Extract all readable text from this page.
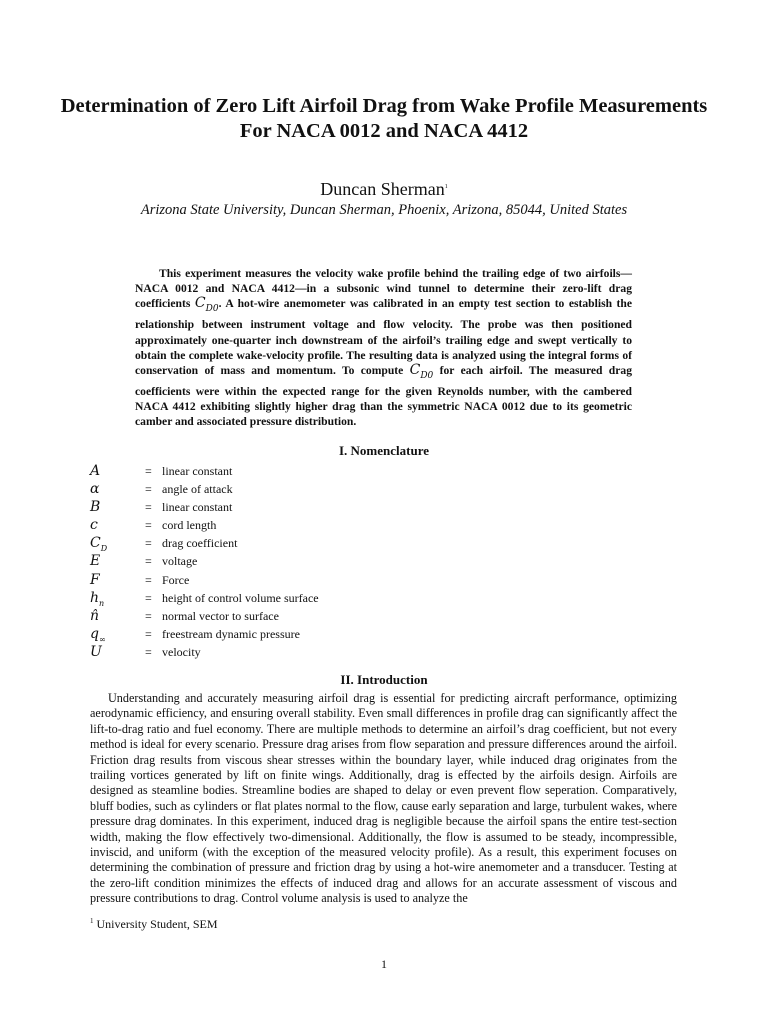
Determination of Zero Lift Airfoil Drag from Wake Profile Measurements For NACA 0012 and NACA 4412
Duncan Sherman$^1$
Arizona State University, Duncan Sherman, Phoenix, Arizona, 85044, United States

This experiment measures the velocity wake profile behind the trailing edge of two airfoils—NACA 0012 and NACA 4412—in a subsonic wind tunnel to determine their zero-lift drag coefficients $C_{D0}$. A hot-wire anemometer was calibrated in an empty test section to establish the relationship between instrument voltage and flow velocity. The probe was then positioned approximately one-quarter inch downstream of the airfoil’s trailing edge and swept vertically to obtain the complete wake-velocity profile. The resulting data is analyzed using the integral forms of conservation of mass and momentum. To compute $C_{D0}$ for each airfoil. The measured drag coefficients were within the expected range for the given Reynolds number, with the cambered NACA 4412 exhibiting slightly higher drag than the symmetric NACA 0012 due to its geometric camber and associated pressure distribution.

I. Nomenclature
A	= linear constant
α	= angle of attack
B	= linear constant
c	= cord length
$C_D$	= drag coefficient
E	= voltage
F	= Force
$h_n$	= height of control volume surface
n̂	= normal vector to surface
$q_\infty$	= freestream dynamic pressure
U	= velocity
II. Introduction

Understanding and accurately measuring airfoil drag is essential for predicting aircraft performance, optimizing aerodynamic efficiency, and ensuring overall stability. Even small differences in profile drag can significantly affect the lift-to-drag ratio and fuel economy. There are multiple methods to determine an airfoil’s drag coefficient, but not every method is ideal for every scenario. Pressure drag arises from flow separation and pressure differences around the airfoil. Friction drag results from viscous shear stresses within the boundary layer, while induced drag originates from the trailing vortices generated by lift on finite wings. Additionally, drag is effected by the airfoils design. Airfoils are designed as steamline bodies. Streamline bodies are shaped to delay or even prevent flow seperation. Comparatively, bluff bodies, such as cylinders or flat plates normal to the flow, cause early separation and large, turbulent wakes, where pressure drag dominates. In this experiment, induced drag is negligible because the airfoil spans the entire test-section width, making the flow effectively two-dimensional. Additionally, the flow is assumed to be steady, incompressible, inviscid, and uniform (with the exception of the measured velocity profile). As a result, this experiment focuses on determining the combination of pressure and friction drag by using a hot-wire anemometer and a transducer. Testing at the zero-lift condition minimizes the effects of induced drag and allows for an accurate assessment of viscous and pressure contributions to drag. Control volume analysis is used to analyze the

$^1$ University Student, SEM
1
